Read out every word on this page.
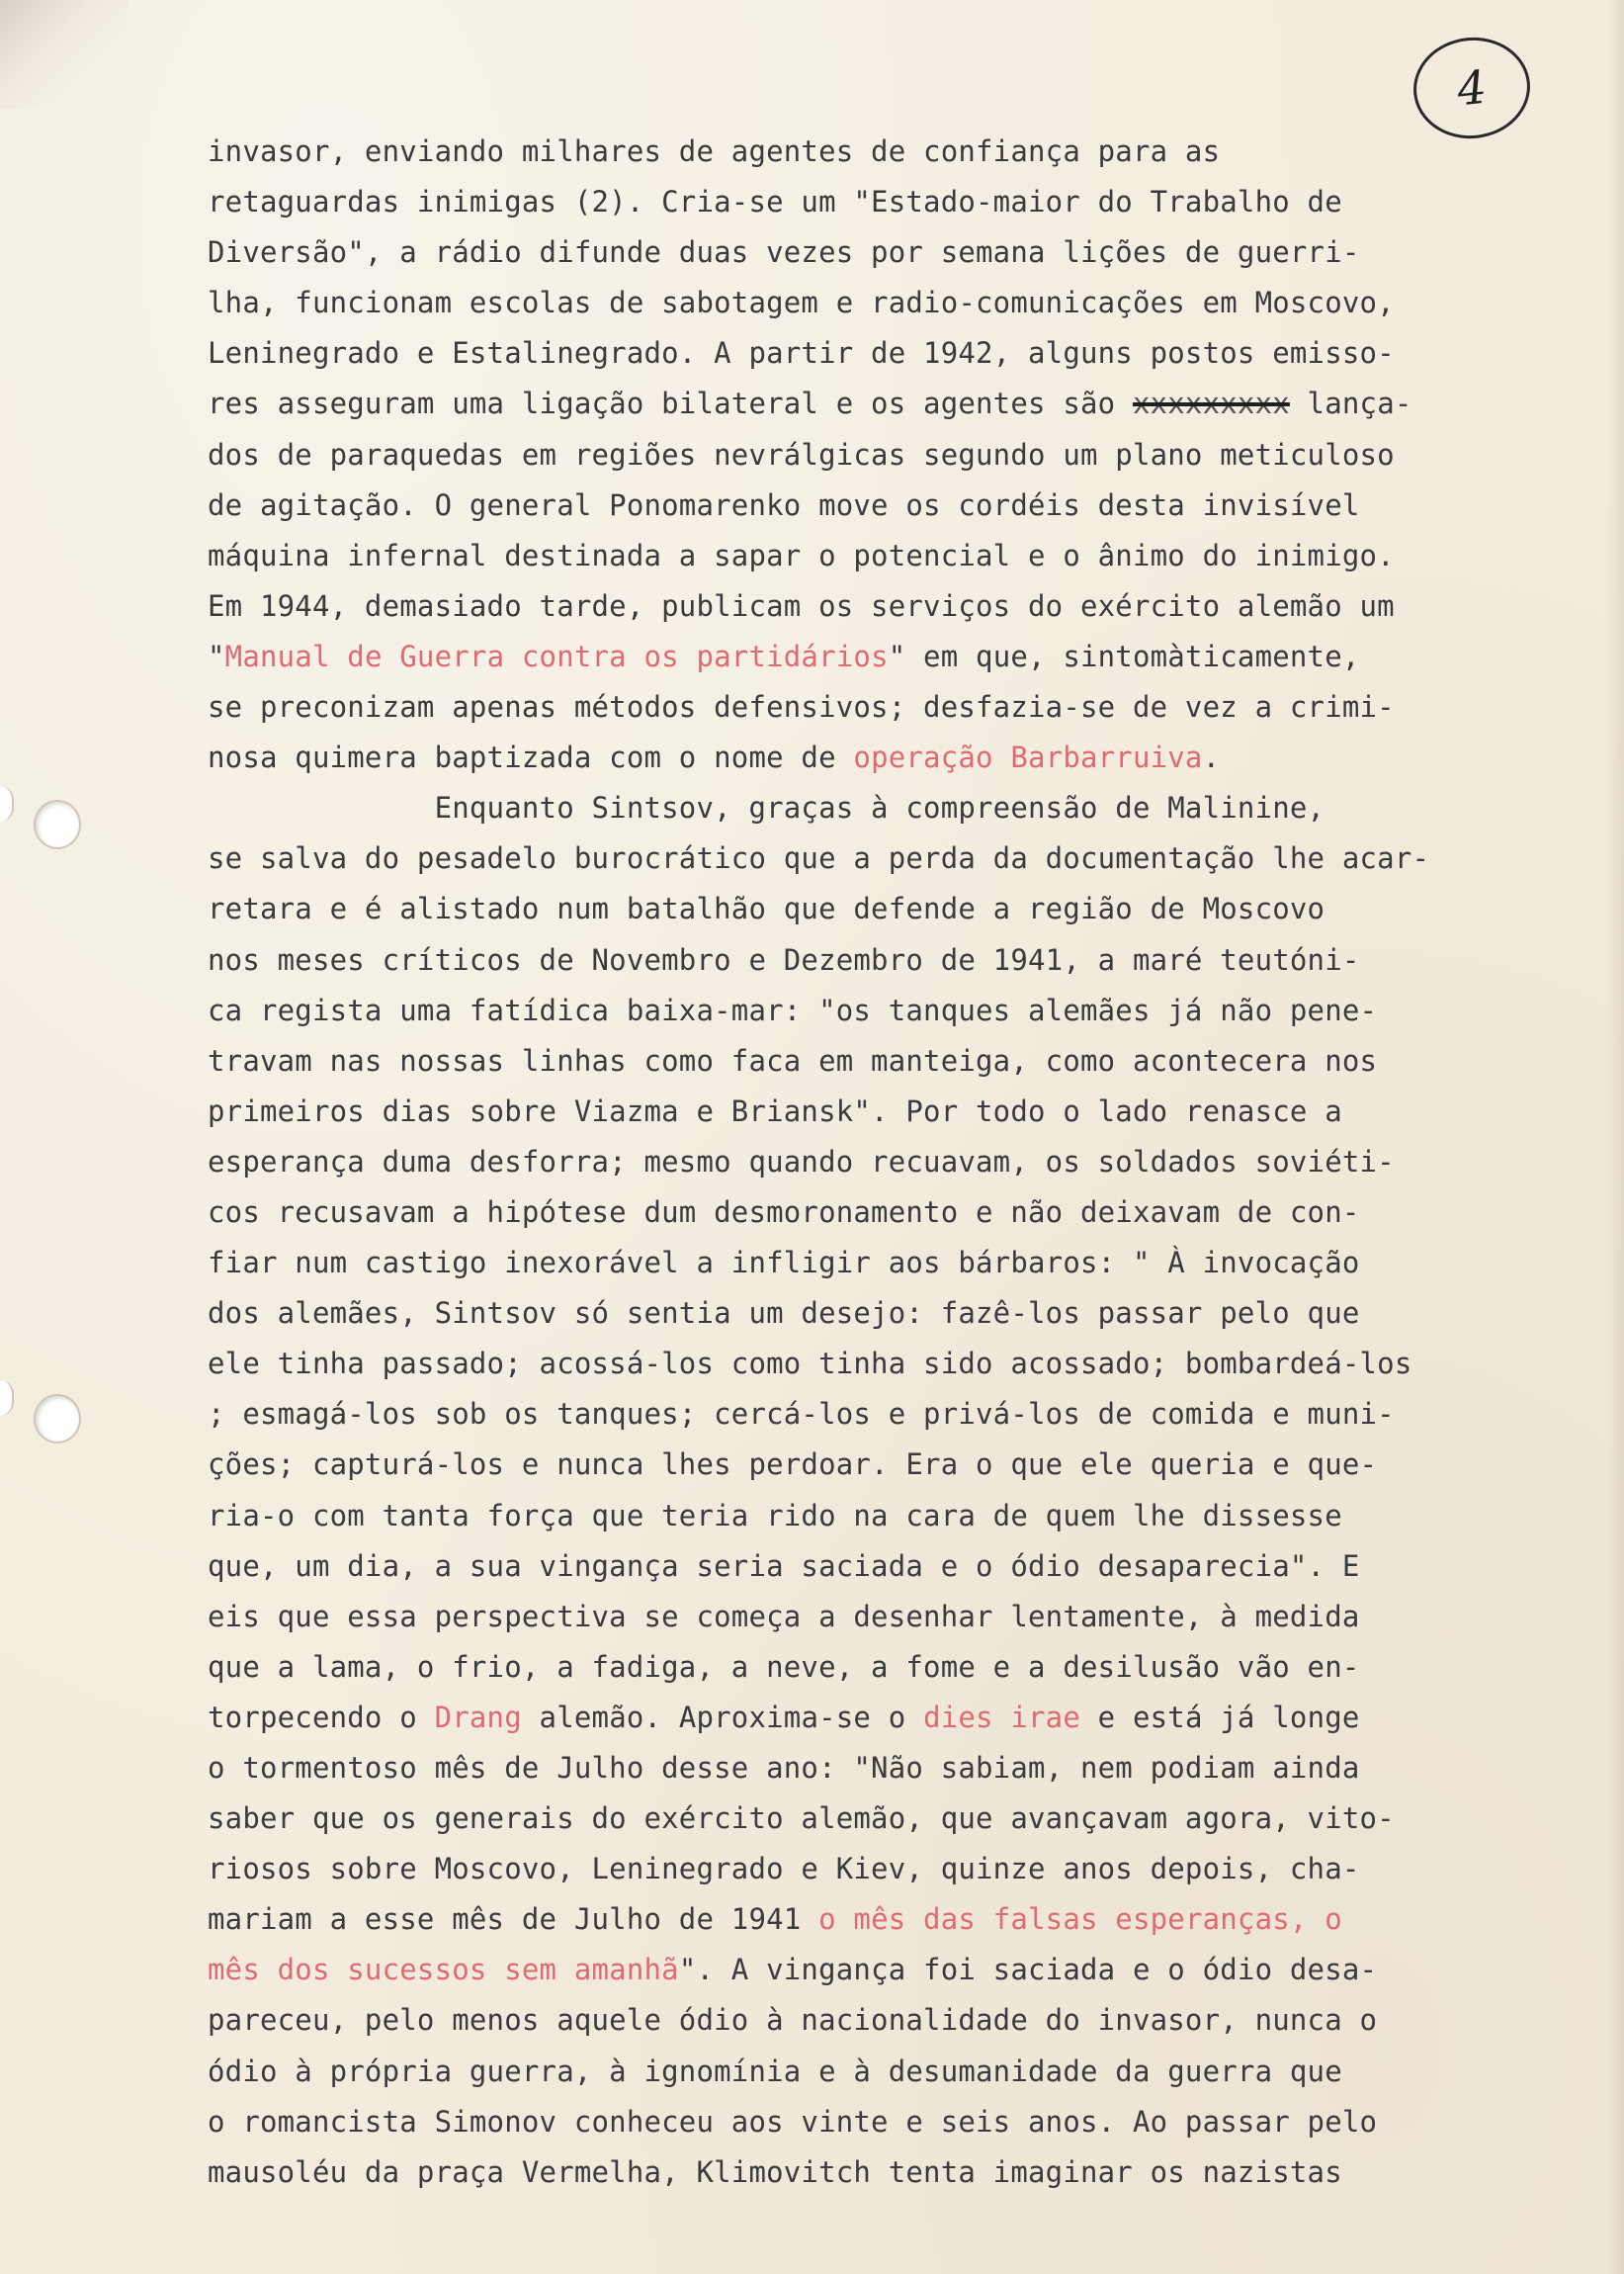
4
invasor, enviando milhares de agentes de confiança para as
retaguardas inimigas (2). Cria-se um "Estado-maior do Trabalho de
Diversão", a rádio difunde duas vezes por semana lições de guerri-
lha, funcionam escolas de sabotagem e radio-comunicações em Moscovo,
Leninegrado e Estalinegrado. A partir de 1942, alguns postos emisso-
res asseguram uma ligação bilateral e os agentes são xxxxxxxxx lança-
dos de paraquedas em regiões nevrálgicas segundo um plano meticuloso
de agitação. O general Ponomarenko move os cordéis desta invisível
máquina infernal destinada a sapar o potencial e o ânimo do inimigo.
Em 1944, demasiado tarde, publicam os serviços do exército alemão um
"Manual de Guerra contra os partidários" em que, sintomàticamente,
se preconizam apenas métodos defensivos; desfazia-se de vez a crimi-
nosa quimera baptizada com o nome de operação Barbarruiva.
Enquanto Sintsov, graças à compreensão de Malinine,
se salva do pesadelo burocrático que a perda da documentação lhe acar-
retara e é alistado num batalhão que defende a região de Moscovo
nos meses críticos de Novembro e Dezembro de 1941, a maré teutóni-
ca regista uma fatídica baixa-mar: "os tanques alemães já não pene-
travam nas nossas linhas como faca em manteiga, como acontecera nos
primeiros dias sobre Viazma e Briansk". Por todo o lado renasce a
esperança duma desforra; mesmo quando recuavam, os soldados soviéti-
cos recusavam a hipótese dum desmoronamento e não deixavam de con-
fiar num castigo inexorável a infligir aos bárbaros: " À invocação
dos alemães, Sintsov só sentia um desejo: fazê-los passar pelo que
ele tinha passado; acossá-los como tinha sido acossado; bombardeá-los
; esmagá-los sob os tanques; cercá-los e privá-los de comida e muni-
ções; capturá-los e nunca lhes perdoar. Era o que ele queria e que-
ria-o com tanta força que teria rido na cara de quem lhe dissesse
que, um dia, a sua vingança seria saciada e o ódio desaparecia". E
eis que essa perspectiva se começa a desenhar lentamente, à medida
que a lama, o frio, a fadiga, a neve, a fome e a desilusão vão en-
torpecendo o Drang alemão. Aproxima-se o dies irae e está já longe
o tormentoso mês de Julho desse ano: "Não sabiam, nem podiam ainda
saber que os generais do exército alemão, que avançavam agora, vito-
riosos sobre Moscovo, Leninegrado e Kiev, quinze anos depois, cha-
mariam a esse mês de Julho de 1941 o mês das falsas esperanças, o
mês dos sucessos sem amanhã". A vingança foi saciada e o ódio desa-
pareceu, pelo menos aquele ódio à nacionalidade do invasor, nunca o
ódio à própria guerra, à ignomínia e à desumanidade da guerra que
o romancista Simonov conheceu aos vinte e seis anos. Ao passar pelo
mausoléu da praça Vermelha, Klimovitch tenta imaginar os nazistas
